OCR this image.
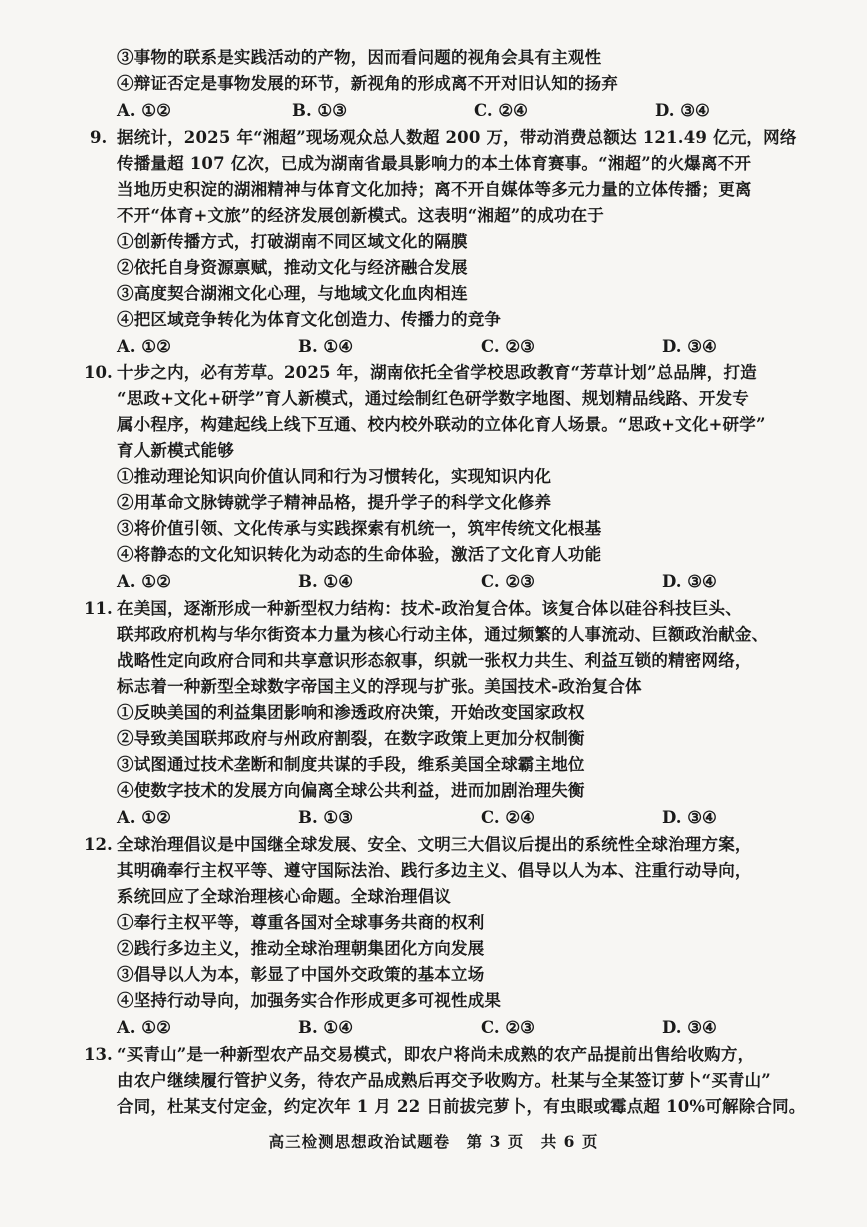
③事物的联系是实践活动的产物，因而看问题的视角会具有主观性
④辩证否定是事物发展的环节，新视角的形成离不开对旧认知的扬弃
A. ①②	B. ①③	C. ②④	D. ③④
9. 据统计，2025 年“湘超”现场观众总人数超 200 万，带动消费总额达 121.49 亿元，网络
传播量超 107 亿次，已成为湖南省最具影响力的本土体育赛事。“湘超”的火爆离不开
当地历史积淀的湖湘精神与体育文化加持；离不开自媒体等多元力量的立体传播；更离
不开“体育+文旅”的经济发展创新模式。这表明“湘超”的成功在于
①创新传播方式，打破湖南不同区域文化的隔膜
②依托自身资源禀赋，推动文化与经济融合发展
③高度契合湖湘文化心理，与地域文化血肉相连
④把区域竞争转化为体育文化创造力、传播力的竞争
A. ①②	B. ①④	C. ②③	D. ③④
10. 十步之内，必有芳草。2025 年，湖南依托全省学校思政教育“芳草计划”总品牌，打造
“思政+文化+研学”育人新模式，通过绘制红色研学数字地图、规划精品线路、开发专
属小程序，构建起线上线下互通、校内校外联动的立体化育人场景。“思政+文化+研学”
育人新模式能够
①推动理论知识向价值认同和行为习惯转化，实现知识内化
②用革命文脉铸就学子精神品格，提升学子的科学文化修养
③将价值引领、文化传承与实践探索有机统一，筑牢传统文化根基
④将静态的文化知识转化为动态的生命体验，激活了文化育人功能
A. ①②	B. ①④	C. ②③	D. ③④
11. 在美国，逐渐形成一种新型权力结构：技术-政治复合体。该复合体以硅谷科技巨头、
联邦政府机构与华尔街资本力量为核心行动主体，通过频繁的人事流动、巨额政治献金、
战略性定向政府合同和共享意识形态叙事，织就一张权力共生、利益互锁的精密网络，
标志着一种新型全球数字帝国主义的浮现与扩张。美国技术-政治复合体
①反映美国的利益集团影响和渗透政府决策，开始改变国家政权
②导致美国联邦政府与州政府割裂，在数字政策上更加分权制衡
③试图通过技术垄断和制度共谋的手段，维系美国全球霸主地位
④使数字技术的发展方向偏离全球公共利益，进而加剧治理失衡
A. ①②	B. ①③	C. ②④	D. ③④
12. 全球治理倡议是中国继全球发展、安全、文明三大倡议后提出的系统性全球治理方案，
其明确奉行主权平等、遵守国际法治、践行多边主义、倡导以人为本、注重行动导向，
系统回应了全球治理核心命题。全球治理倡议
①奉行主权平等，尊重各国对全球事务共商的权利
②践行多边主义，推动全球治理朝集团化方向发展
③倡导以人为本，彰显了中国外交政策的基本立场
④坚持行动导向，加强务实合作形成更多可视性成果
A. ①②	B. ①④	C. ②③	D. ③④
13. “买青山”是一种新型农产品交易模式，即农户将尚未成熟的农产品提前出售给收购方，
由农户继续履行管护义务，待农产品成熟后再交予收购方。杜某与全某签订萝卜“买青山”
合同，杜某支付定金，约定次年 1 月 22 日前拔完萝卜，有虫眼或霉点超 10%可解除合同。
高三检测思想政治试题卷　第 3 页　共 6 页
